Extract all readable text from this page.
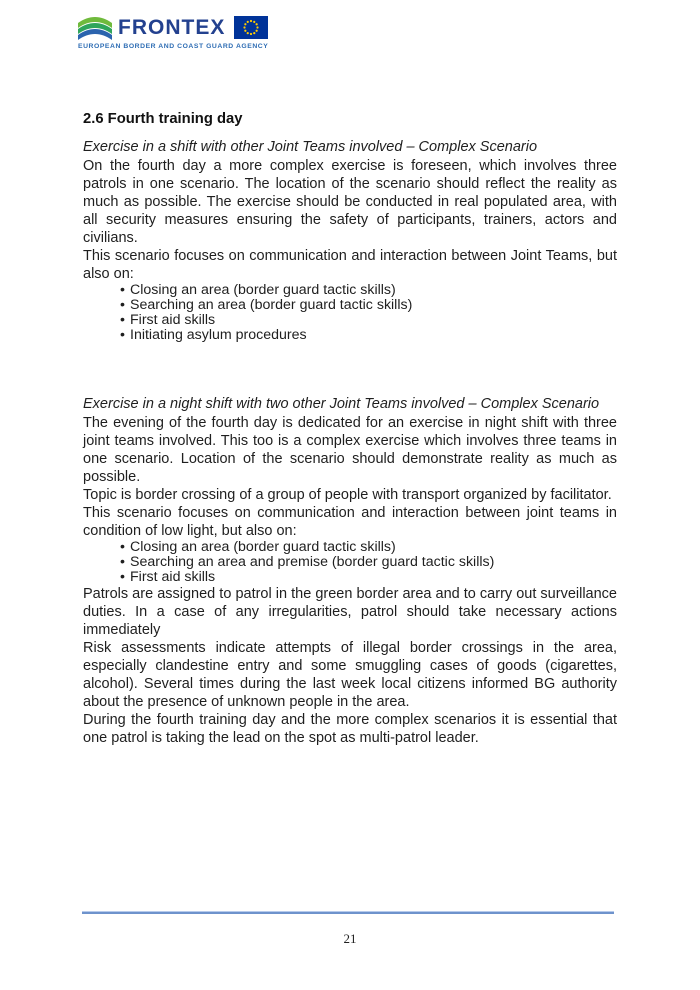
FRONTEX
EUROPEAN BORDER AND COAST GUARD AGENCY
2.6 Fourth training day

Exercise in a shift with other Joint Teams involved – Complex Scenario

On the fourth day a more complex exercise is foreseen, which involves three patrols in one scenario. The location of the scenario should reflect the reality as much as possible. The exercise should be conducted in real populated area, with all security measures ensuring the safety of participants, trainers, actors and civilians.

This scenario focuses on communication and interaction between Joint Teams, but also on:

• Closing an area (border guard tactic skills)
• Searching an area (border guard tactic skills)
• First aid skills
• Initiating asylum procedures

Exercise in a night shift with two other Joint Teams involved – Complex Scenario

The evening of the fourth day is dedicated for an exercise in night shift with three joint teams involved. This too is a complex exercise which involves three teams in one scenario. Location of the scenario should demonstrate reality as much as possible.

Topic is border crossing of a group of people with transport organized by facilitator.

This scenario focuses on communication and interaction between joint teams in condition of low light, but also on:

• Closing an area (border guard tactic skills)
• Searching an area and premise (border guard tactic skills)
• First aid skills

Patrols are assigned to patrol in the green border area and to carry out surveillance duties. In a case of any irregularities, patrol should take necessary actions immediately

Risk assessments indicate attempts of illegal border crossings in the area, especially clandestine entry and some smuggling cases of goods (cigarettes, alcohol). Several times during the last week local citizens informed BG authority about the presence of unknown people in the area.

During the fourth training day and the more complex scenarios it is essential that one patrol is taking the lead on the spot as multi-patrol leader.

21
